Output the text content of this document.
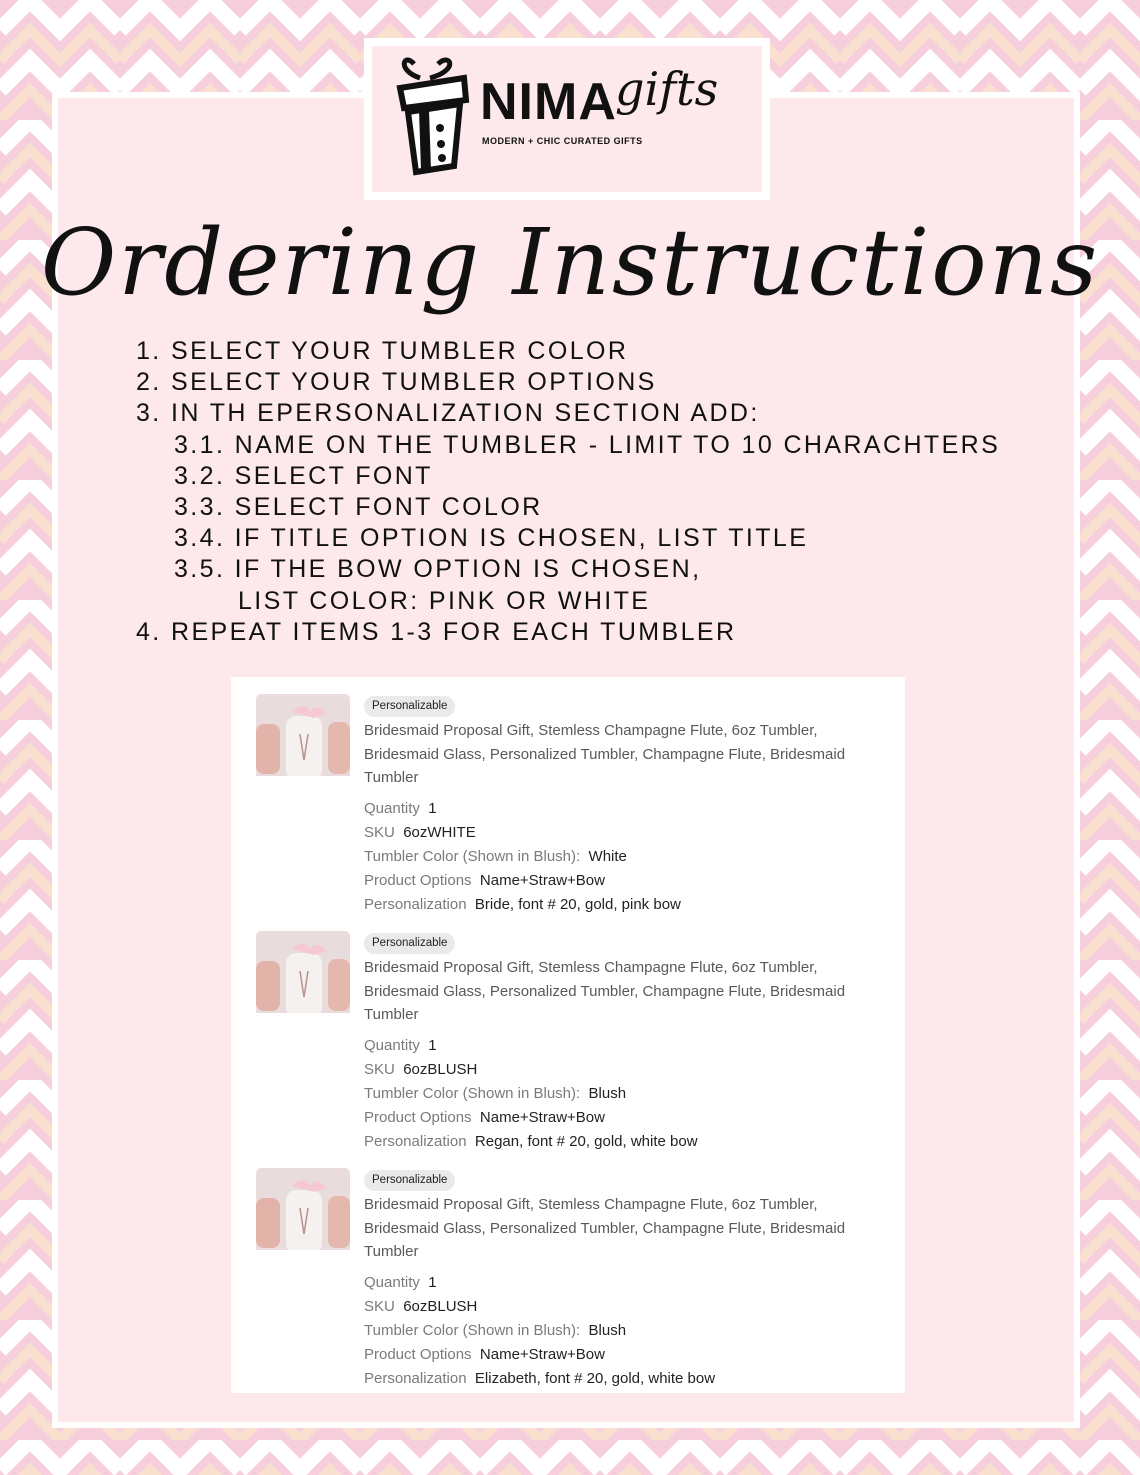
NIMA
gifts
MODERN + CHIC CURATED GIFTS
Ordering Instructions
1. SELECT YOUR TUMBLER COLOR
2. SELECT YOUR TUMBLER OPTIONS
3. IN TH EPERSONALIZATION SECTION ADD:
3.1. NAME ON THE TUMBLER - LIMIT TO 10 CHARACHTERS
3.2. SELECT FONT
3.3. SELECT FONT COLOR
3.4. IF TITLE OPTION IS CHOSEN, LIST TITLE
3.5. IF THE BOW OPTION IS CHOSEN,
LIST COLOR: PINK OR WHITE
4. REPEAT ITEMS 1-3 FOR EACH TUMBLER
Personalizable
Bridesmaid Proposal Gift, Stemless Champagne Flute, 6oz Tumbler, Bridesmaid Glass, Personalized Tumbler, Champagne Flute, Bridesmaid Tumbler
Quantity 1
SKU 6ozWHITE
Tumbler Color (Shown in Blush): White
Product Options Name+Straw+Bow
Personalization Bride, font # 20, gold, pink bow
Personalizable
Bridesmaid Proposal Gift, Stemless Champagne Flute, 6oz Tumbler, Bridesmaid Glass, Personalized Tumbler, Champagne Flute, Bridesmaid Tumbler
Quantity 1
SKU 6ozBLUSH
Tumbler Color (Shown in Blush): Blush
Product Options Name+Straw+Bow
Personalization Regan, font # 20, gold, white bow
Personalizable
Bridesmaid Proposal Gift, Stemless Champagne Flute, 6oz Tumbler, Bridesmaid Glass, Personalized Tumbler, Champagne Flute, Bridesmaid Tumbler
Quantity 1
SKU 6ozBLUSH
Tumbler Color (Shown in Blush): Blush
Product Options Name+Straw+Bow
Personalization Elizabeth, font # 20, gold, white bow
